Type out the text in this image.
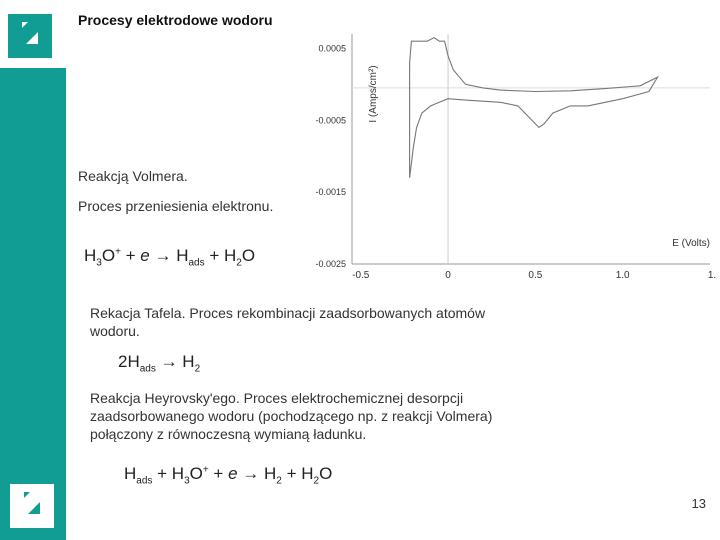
Procesy elektrodowe wodoru
-0.5	0	0.5	1.0	1.
0.0005
-0.0005
-0.0015
-0.0025
E (Volts)
I (Amps/cm²)
Reakcją Volmera.
Proces przeniesienia elektronu.
$H_3O^+ + e \to H_{ads} + H_2O$
Rekacja Tafela. Proces rekombinacji zaadsorbowanych atomów
wodoru.
$2H_{ads} \to H_2$
Reakcja Heyrovsky'ego. Proces elektrochemicznej desorpcji
zaadsorbowanego wodoru (pochodzącego np. z reakcji Volmera)
połączony z równoczesną wymianą ładunku.
$H_{ads} + H_3O^+ + e \to H_2 + H_2O$
13
